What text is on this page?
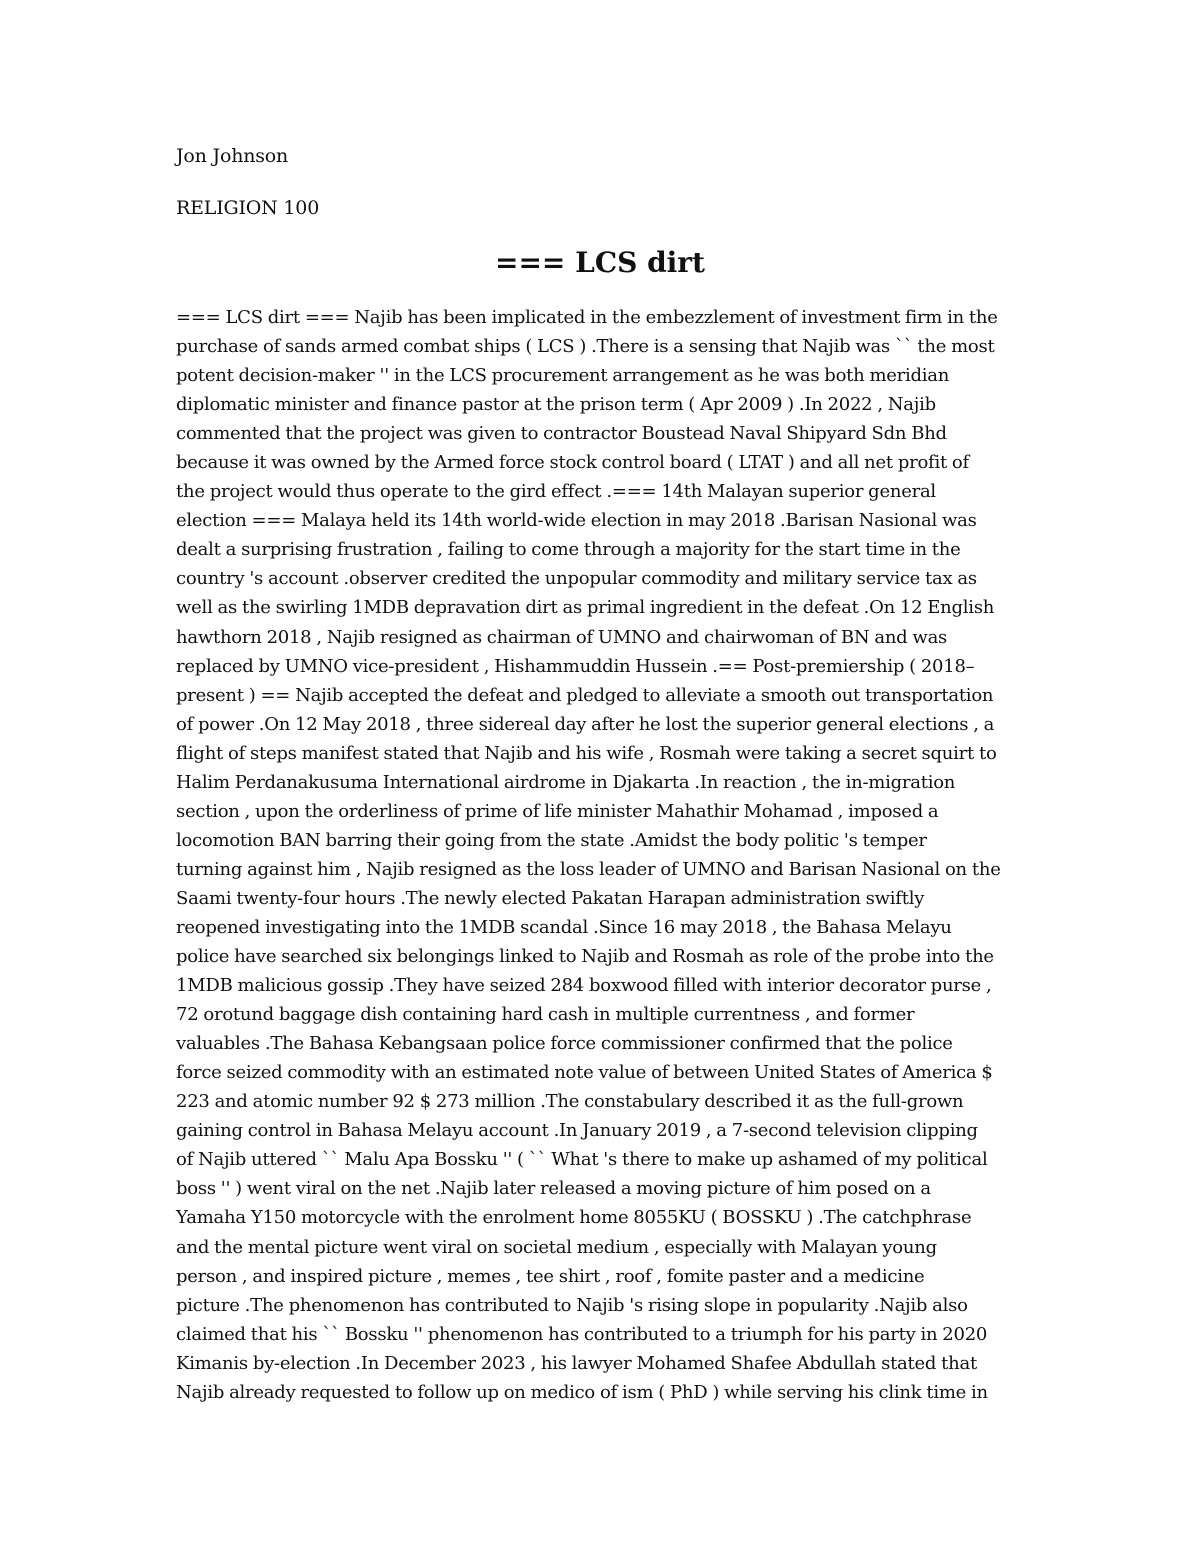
Jon Johnson
RELIGION 100
=== LCS dirt
=== LCS dirt === Najib has been implicated in the embezzlement of investment firm in the
purchase of sands armed combat ships ( LCS ) .There is a sensing that Najib was `` the most
potent decision-maker '' in the LCS procurement arrangement as he was both meridian
diplomatic minister and finance pastor at the prison term ( Apr 2009 ) .In 2022 , Najib
commented that the project was given to contractor Boustead Naval Shipyard Sdn Bhd
because it was owned by the Armed force stock control board ( LTAT ) and all net profit of
the project would thus operate to the gird effect .=== 14th Malayan superior general
election === Malaya held its 14th world-wide election in may 2018 .Barisan Nasional was
dealt a surprising frustration , failing to come through a majority for the start time in the
country 's account .observer credited the unpopular commodity and military service tax as
well as the swirling 1MDB depravation dirt as primal ingredient in the defeat .On 12 English
hawthorn 2018 , Najib resigned as chairman of UMNO and chairwoman of BN and was
replaced by UMNO vice-president , Hishammuddin Hussein .== Post-premiership ( 2018–
present ) == Najib accepted the defeat and pledged to alleviate a smooth out transportation
of power .On 12 May 2018 , three sidereal day after he lost the superior general elections , a
flight of steps manifest stated that Najib and his wife , Rosmah were taking a secret squirt to
Halim Perdanakusuma International airdrome in Djakarta .In reaction , the in-migration
section , upon the orderliness of prime of life minister Mahathir Mohamad , imposed a
locomotion BAN barring their going from the state .Amidst the body politic 's temper
turning against him , Najib resigned as the loss leader of UMNO and Barisan Nasional on the
Saami twenty-four hours .The newly elected Pakatan Harapan administration swiftly
reopened investigating into the 1MDB scandal .Since 16 may 2018 , the Bahasa Melayu
police have searched six belongings linked to Najib and Rosmah as role of the probe into the
1MDB malicious gossip .They have seized 284 boxwood filled with interior decorator purse ,
72 orotund baggage dish containing hard cash in multiple currentness , and former
valuables .The Bahasa Kebangsaan police force commissioner confirmed that the police
force seized commodity with an estimated note value of between United States of America $
223 and atomic number 92 $ 273 million .The constabulary described it as the full-grown
gaining control in Bahasa Melayu account .In January 2019 , a 7-second television clipping
of Najib uttered `` Malu Apa Bossku '' ( `` What 's there to make up ashamed of my political
boss '' ) went viral on the net .Najib later released a moving picture of him posed on a
Yamaha Y150 motorcycle with the enrolment home 8055KU ( BOSSKU ) .The catchphrase
and the mental picture went viral on societal medium , especially with Malayan young
person , and inspired picture , memes , tee shirt , roof , fomite paster and a medicine
picture .The phenomenon has contributed to Najib 's rising slope in popularity .Najib also
claimed that his `` Bossku '' phenomenon has contributed to a triumph for his party in 2020
Kimanis by-election .In December 2023 , his lawyer Mohamed Shafee Abdullah stated that
Najib already requested to follow up on medico of ism ( PhD ) while serving his clink time in
